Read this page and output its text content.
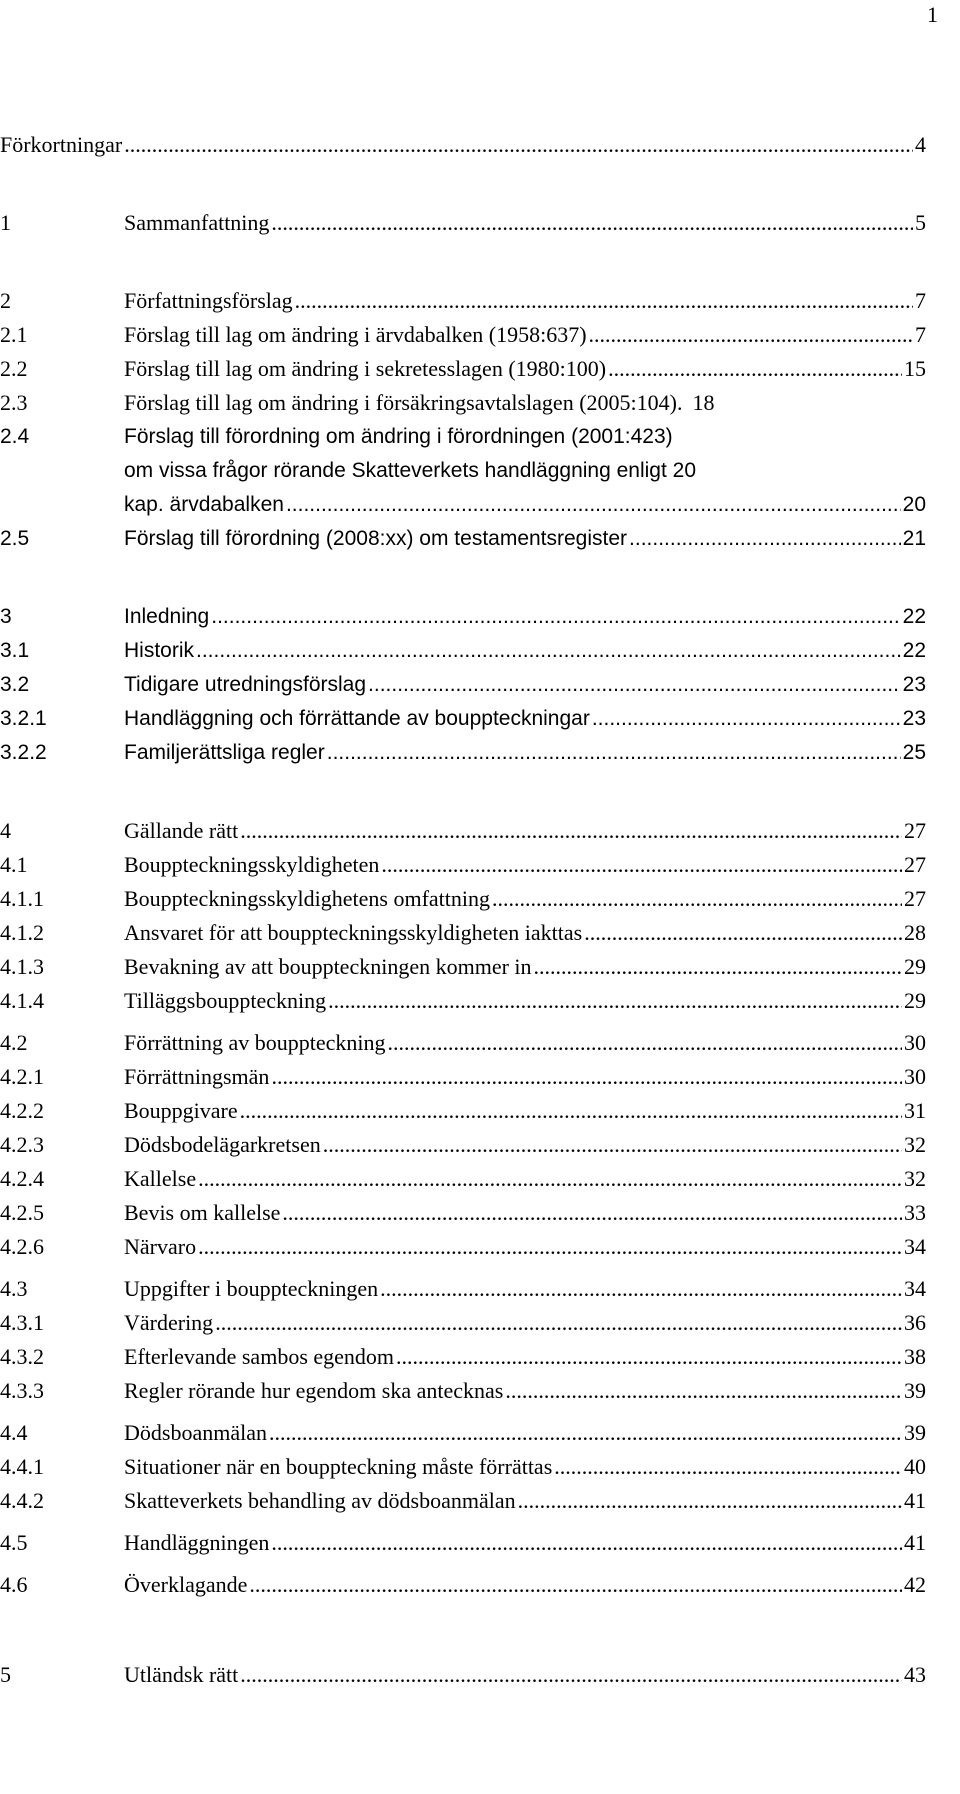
1
Förkortningar .....	4
1	Sammanfattning .....	5
2	Författningsförslag .....	7
2.1	Förslag till lag om ändring i ärvdabalken (1958:637) .....	7
2.2	Förslag till lag om ändring i sekretesslagen (1980:100) .....	15
2.3	Förslag till lag om ändring i försäkringsavtalslagen (2005:104). 18
2.4	Förslag till förordning om ändring i förordningen (2001:423)
om vissa frågor rörande Skatteverkets handläggning enligt 20
kap. ärvdabalken .....	20
2.5	Förslag till förordning (2008:xx) om testamentsregister .....	21
3	Inledning .....	22
3.1	Historik .....	22
3.2	Tidigare utredningsförslag .....	23
3.2.1	Handläggning och förrättande av bouppteckningar .....	23
3.2.2	Familjerättsliga regler .....	25
4	Gällande rätt .....	27
4.1	Bouppteckningsskyldigheten .....	27
4.1.1	Bouppteckningsskyldighetens omfattning .....	27
4.1.2	Ansvaret för att bouppteckningsskyldigheten iakttas .....	28
4.1.3	Bevakning av att bouppteckningen kommer in .....	29
4.1.4	Tilläggsbouppteckning .....	29
4.2	Förrättning av bouppteckning .....	30
4.2.1	Förrättningsmän .....	30
4.2.2	Bouppgivare .....	31
4.2.3	Dödsbodelägarkretsen .....	32
4.2.4	Kallelse .....	32
4.2.5	Bevis om kallelse .....	33
4.2.6	Närvaro .....	34
4.3	Uppgifter i bouppteckningen .....	34
4.3.1	Värdering .....	36
4.3.2	Efterlevande sambos egendom .....	38
4.3.3	Regler rörande hur egendom ska antecknas .....	39
4.4	Dödsboanmälan .....	39
4.4.1	Situationer när en bouppteckning måste förrättas .....	40
4.4.2	Skatteverkets behandling av dödsboanmälan .....	41
4.5	Handläggningen .....	41
4.6	Överklagande .....	42
5	Utländsk rätt .....	43
